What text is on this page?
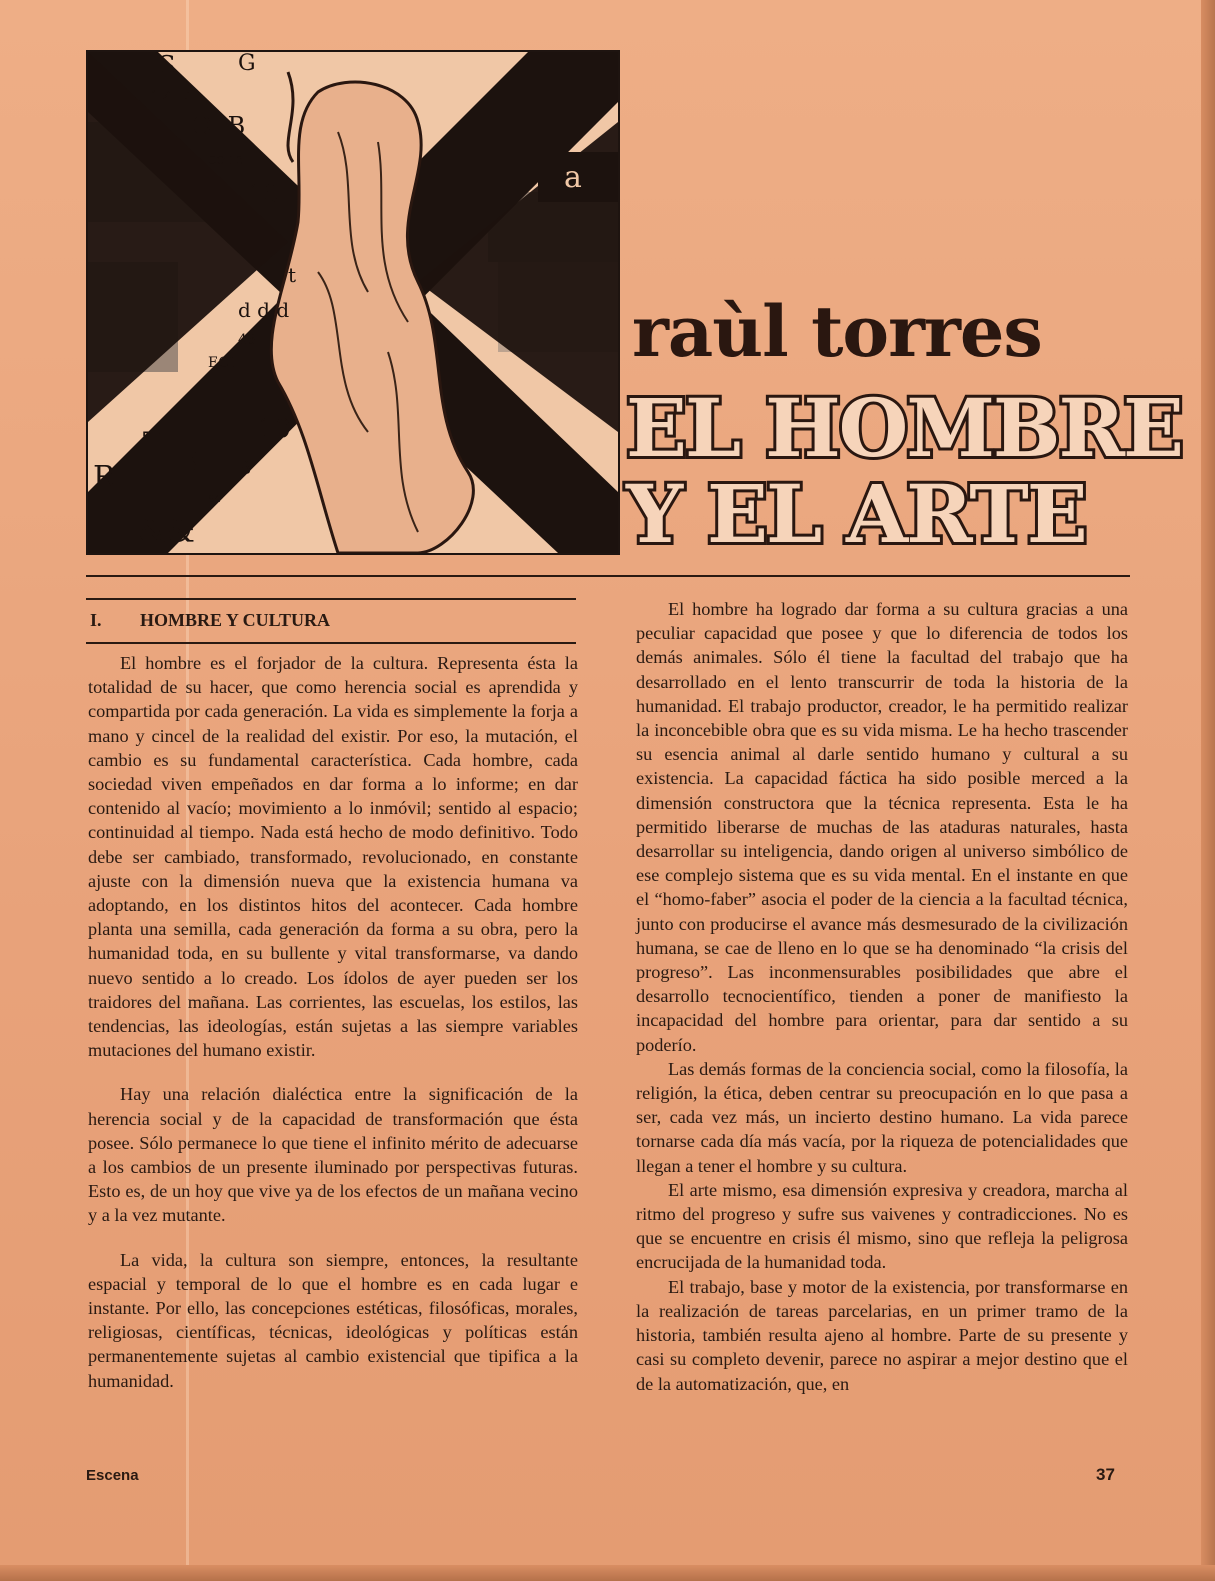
a
S	G
14F
OLB
CO 12
16
t
d d,d
43
ECI
10
R
T
R B
&&
84
raùl torres
EL HOMBRE
Y EL ARTE
I. HOMBRE Y CULTURA

El hombre es el forjador de la cultura. Representa ésta la totalidad de su hacer, que como herencia social es aprendida y compartida por cada generación. La vida es simplemente la forja a mano y cincel de la realidad del existir. Por eso, la mutación, el cambio es su fundamental característica. Cada hombre, cada sociedad viven empeñados en dar forma a lo informe; en dar contenido al vacío; movimiento a lo inmóvil; sentido al espacio; continuidad al tiempo. Nada está hecho de modo definitivo. Todo debe ser cambiado, transformado, revolucionado, en constante ajuste con la dimensión nueva que la existencia humana va adoptando, en los distintos hitos del acontecer. Cada hombre planta una semilla, cada generación da forma a su obra, pero la humanidad toda, en su bullente y vital transformarse, va dando nuevo sentido a lo creado. Los ídolos de ayer pueden ser los traidores del mañana. Las corrientes, las escuelas, los estilos, las tendencias, las ideologías, están sujetas a las siempre variables mutaciones del humano existir.

Hay una relación dialéctica entre la significación de la herencia social y de la capacidad de transformación que ésta posee. Sólo permanece lo que tiene el infinito mérito de adecuarse a los cambios de un presente iluminado por perspectivas futuras. Esto es, de un hoy que vive ya de los efectos de un mañana vecino y a la vez mutante.

La vida, la cultura son siempre, entonces, la resultante espacial y temporal de lo que el hombre es en cada lugar e instante. Por ello, las concepciones estéticas, filosóficas, morales, religiosas, científicas, técnicas, ideológicas y políticas están permanentemente sujetas al cambio existencial que tipifica a la humanidad.

El hombre ha logrado dar forma a su cultura gracias a una peculiar capacidad que posee y que lo diferencia de todos los demás animales. Sólo él tiene la facultad del trabajo que ha desarrollado en el lento transcurrir de toda la historia de la humanidad. El trabajo productor, creador, le ha permitido realizar la inconcebible obra que es su vida misma. Le ha hecho trascender su esencia animal al darle sentido humano y cultural a su existencia. La capacidad fáctica ha sido posible merced a la dimensión constructora que la técnica representa. Esta le ha permitido liberarse de muchas de las ataduras naturales, hasta desarrollar su inteligencia, dando origen al universo simbólico de ese complejo sistema que es su vida mental. En el instante en que el “homo-faber” asocia el poder de la ciencia a la facultad técnica, junto con producirse el avance más desmesurado de la civilización humana, se cae de lleno en lo que se ha denominado “la crisis del progreso”. Las inconmensurables posibilidades que abre el desarrollo tecnocientífico, tienden a poner de manifiesto la incapacidad del hombre para orientar, para dar sentido a su poderío.

Las demás formas de la conciencia social, como la filosofía, la religión, la ética, deben centrar su preocupación en lo que pasa a ser, cada vez más, un incierto destino humano. La vida parece tornarse cada día más vacía, por la riqueza de potencialidades que llegan a tener el hombre y su cultura.

El arte mismo, esa dimensión expresiva y creadora, marcha al ritmo del progreso y sufre sus vaivenes y contradicciones. No es que se encuentre en crisis él mismo, sino que refleja la peligrosa encrucijada de la humanidad toda.

El trabajo, base y motor de la existencia, por transformarse en la realización de tareas parcelarias, en un primer tramo de la historia, también resulta ajeno al hombre. Parte de su presente y casi su completo devenir, parece no aspirar a mejor destino que el de la automatización, que, en

Escena	37
